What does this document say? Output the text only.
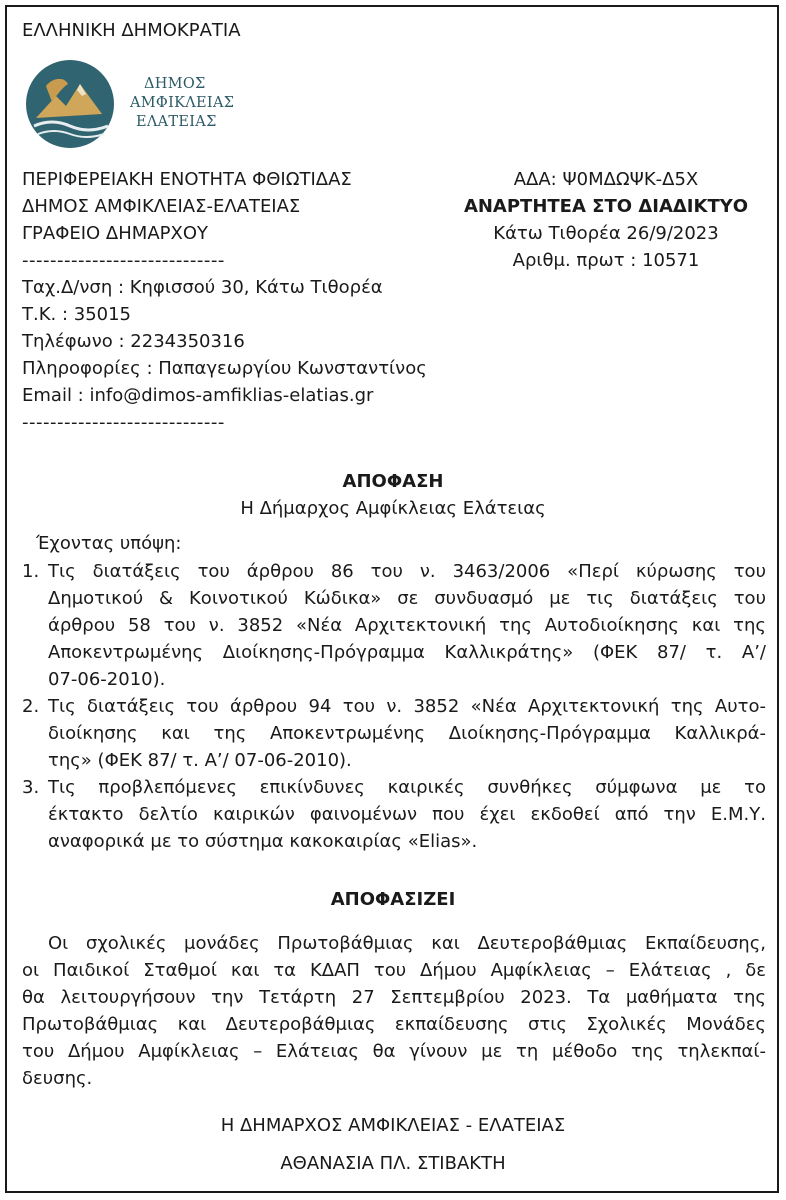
ΕΛΛΗΝΙΚΗ ΔΗΜΟΚΡΑΤΙΑ
ΔΗΜΟΣ
ΑΜΦΙΚΛΕΙΑΣ
ΕΛΑΤΕΙΑΣ
ΠΕΡΙΦΕΡΕΙΑΚΗ ΕΝΟΤΗΤΑ ΦΘΙΩΤΙΔΑΣ
ΔΗΜΟΣ ΑΜΦΙΚΛΕΙΑΣ-ΕΛΑΤΕΙΑΣ
ΓΡΑΦΕΙΟ ΔΗΜΑΡΧΟΥ
-----------------------------
Ταχ.Δ/νση : Κηφισσού 30, Κάτω Τιθορέα
Τ.Κ. : 35015
Τηλέφωνο : 2234350316
Πληροφορίες : Παπαγεωργίου Κωνσταντίνος
Email : info@dimos-amfiklias-elatias.gr
-----------------------------
ΑΔΑ: Ψ0ΜΔΩΨΚ-Δ5Χ
ΑΝΑΡΤΗΤΕΑ ΣΤΟ ΔΙΑΔΙΚΤΥΟ
Κάτω Τιθορέα 26/9/2023
Αριθμ. πρωτ : 10571
ΑΠΟΦΑΣΗ
Η Δήμαρχος Αμφίκλειας Ελάτειας
Έχοντας υπόψη:
1. Τις διατάξεις του άρθρου 86 του ν. 3463/2006 «Περί κύρωσης του
Δημοτικού & Κοινοτικού Κώδικα» σε συνδυασμό με τις διατάξεις του
άρθρου 58 του ν. 3852 «Νέα Αρχιτεκτονική της Αυτοδιοίκησης και της
Αποκεντρωμένης Διοίκησης-Πρόγραμμα Καλλικράτης» (ΦΕΚ 87/ τ. Α’/
07-06-2010).
2. Τις διατάξεις του άρθρου 94 του ν. 3852 «Νέα Αρχιτεκτονική της Αυτο-
διοίκησης και της Αποκεντρωμένης Διοίκησης-Πρόγραμμα Καλλικρά-
της» (ΦΕΚ 87/ τ. Α’/ 07-06-2010).
3. Τις προβλεπόμενες επικίνδυνες καιρικές συνθήκες σύμφωνα με το
έκτακτο δελτίο καιρικών φαινομένων που έχει εκδοθεί από την Ε.Μ.Υ.
αναφορικά με το σύστημα κακοκαιρίας «Elias».
ΑΠΟΦΑΣΙΖΕΙ
Οι σχολικές μονάδες Πρωτοβάθμιας και Δευτεροβάθμιας Εκπαίδευσης,
οι Παιδικοί Σταθμοί και τα ΚΔΑΠ του Δήμου Αμφίκλειας – Ελάτειας , δε
θα λειτουργήσουν την Τετάρτη 27 Σεπτεμβρίου 2023. Τα μαθήματα της
Πρωτοβάθμιας και Δευτεροβάθμιας εκπαίδευσης στις Σχολικές Μονάδες
του Δήμου Αμφίκλειας – Ελάτειας θα γίνουν με τη μέθοδο της τηλεκπαί-
δευσης.
Η ΔΗΜΑΡΧΟΣ ΑΜΦΙΚΛΕΙΑΣ - ΕΛΑΤΕΙΑΣ
ΑΘΑΝΑΣΙΑ ΠΛ. ΣΤΙΒΑΚΤΗ
